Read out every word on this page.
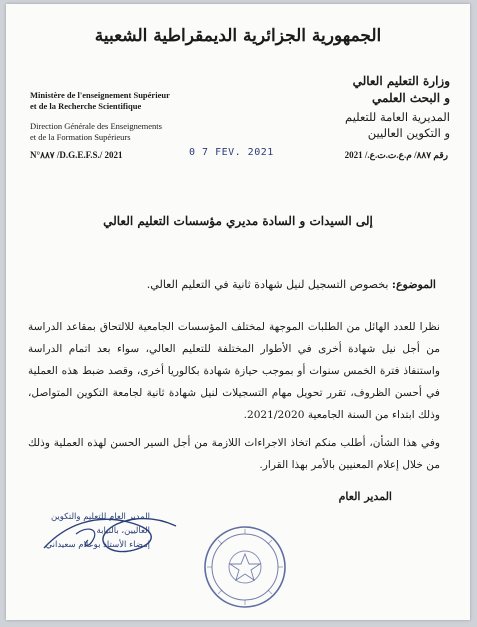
الجمهورية الجزائرية الديمقراطية الشعبية
Ministère de l'enseignement Supérieur
et de la Recherche Scientifique
Direction Générale des Enseignements
et de la Formation Supérieurs
وزارة التعليم العالي
و البحث العلمي
المديرية العامة للتعليم
و التكوين العاليين
N°٨٨٧ /D.G.E.F.S./ 2021	0 7 FEV. 2021	رقم ٨٨٧/ م.ع.ت.ت.ع./ 2021
إلى السيدات و السادة مديري مؤسسات التعليم العالي
الموضوع: بخصوص التسجيل لنيل شهادة ثانية في التعليم العالي.
نظرا للعدد الهائل من الطلبات الموجهة لمختلف المؤسسات الجامعية للالتحاق بمقاعد الدراسة من أجل نيل شهادة أخرى في الأطوار المختلفة للتعليم العالي، سواء بعد اتمام الدراسة واستنفاذ فترة الخمس سنوات أو بموجب حيازة شهادة بكالوريا أخرى، وقصد ضبط هذه العملية في أحسن الظروف، تقرر تحويل مهام التسجيلات لنيل شهادة ثانية لجامعة التكوين المتواصل، وذلك ابتداء من السنة الجامعية 2021/2020.
وفي هذا الشأن، أطلب منكم اتخاذ الاجراءات اللازمة من أجل السير الحسن لهذه العملية وذلك من خلال إعلام المعنيين بالأمر بهذا القرار.
المدير العام
المدير العام للتعليم والتكوين العاليين، بالنيابة
إمضاء الأستاذ بوعلام سعيداني
